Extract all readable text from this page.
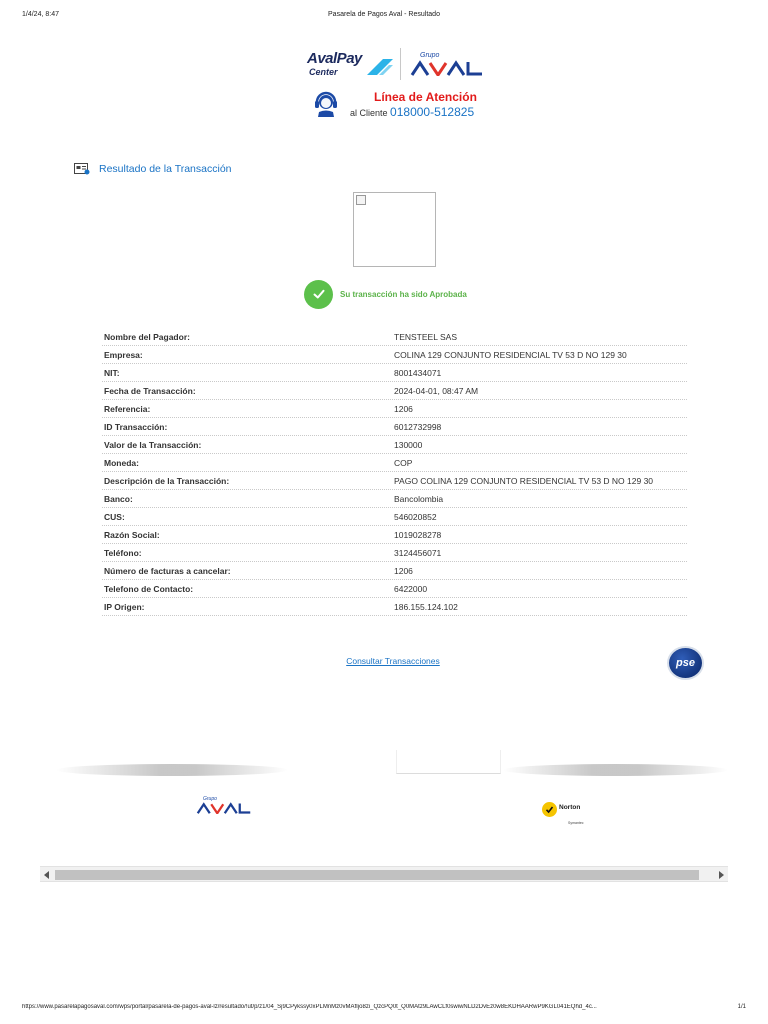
1/4/24, 8:47	Pasarela de Pagos Aval - Resultado
AvalPay
Center
Grupo
Línea de Atención
al Cliente 018000-512825
Resultado de la Transacción
Su transacción ha sido Aprobada
Nombre del Pagador:	TENSTEEL SAS
Empresa:	COLINA 129 CONJUNTO RESIDENCIAL TV 53 D NO 129 30
NIT:	8001434071
Fecha de Transacción:	2024-04-01, 08:47 AM
Referencia:	1206
ID Transacción:	6012732998
Valor de la Transacción:	130000
Moneda:	COP
Descripción de la Transacción:	PAGO COLINA 129 CONJUNTO RESIDENCIAL TV 53 D NO 129 30
Banco:	Bancolombia
CUS:	546020852
Razón Social:	1019028278
Teléfono:	3124456071
Número de facturas a cancelar:	1206
Telefono de Contacto:	6422000
IP Origen:	186.155.124.102
Consultar Transacciones	pse
Grupo
Norton
Symantec
https://www.pasarelapagosaval.com/wps/portal/pasarela-de-pagos-aval-lz/resultado/!ut/p/z1/04_Sj9CPykssy0xPLMnMz0vMAfIjo8zi_QzcPQ0t_Q0MAtz9LAwCLf0swiwNLD2DvEz0w8EKDHAARwP9KGL041EQhd_4c...	1/1
